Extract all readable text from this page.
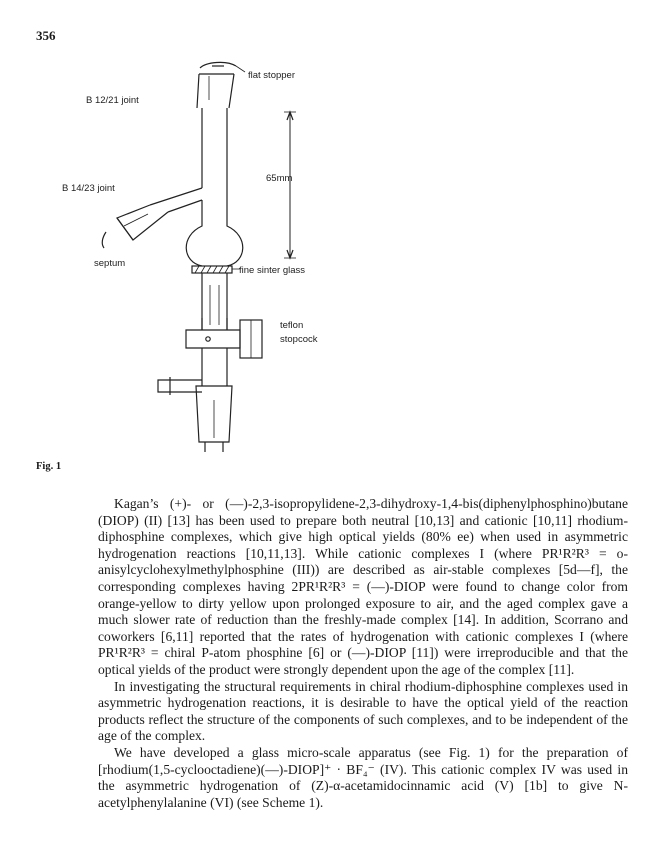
356
flat stopper
B 12/21 joint
B 14/23 joint
65mm
septum
fine sinter glass
teflon
stopcock
Fig. 1

Kagan’s (+)- or (—)-2,3-isopropylidene-2,3-dihydroxy-1,4-bis(diphenylphosphino)butane (DIOP) (II) [13] has been used to prepare both neutral [10,13] and cationic [10,11] rhodium-diphosphine complexes, which give high optical yields (80% ee) when used in asymmetric hydrogenation reactions [10,11,13]. While cationic complexes I (where PR¹R²R³ = o-anisylcyclohexylmethylphosphine (III)) are described as air-stable complexes [5d—f], the corresponding complexes having 2PR¹R²R³ = (—)-DIOP were found to change color from orange-yellow to dirty yellow upon prolonged exposure to air, and the aged complex gave a much slower rate of reduction than the freshly-made complex [14]. In addition, Scorrano and coworkers [6,11] reported that the rates of hydrogenation with cationic complexes I (where PR¹R²R³ = chiral P-atom phosphine [6] or (—)-DIOP [11]) were irreproducible and that the optical yields of the product were strongly dependent upon the age of the complex [11].

In investigating the structural requirements in chiral rhodium-diphosphine complexes used in asymmetric hydrogenation reactions, it is desirable to have the optical yield of the reaction products reflect the structure of the components of such complexes, and to be independent of the age of the complex.

We have developed a glass micro-scale apparatus (see Fig. 1) for the preparation of [rhodium(1,5-cyclooctadiene)(—)-DIOP]⁺ · BF₄⁻ (IV). This cationic complex IV was used in the asymmetric hydrogenation of (Z)-α-acetamidocinnamic acid (V) [1b] to give N-acetylphenylalanine (VI) (see Scheme 1).
